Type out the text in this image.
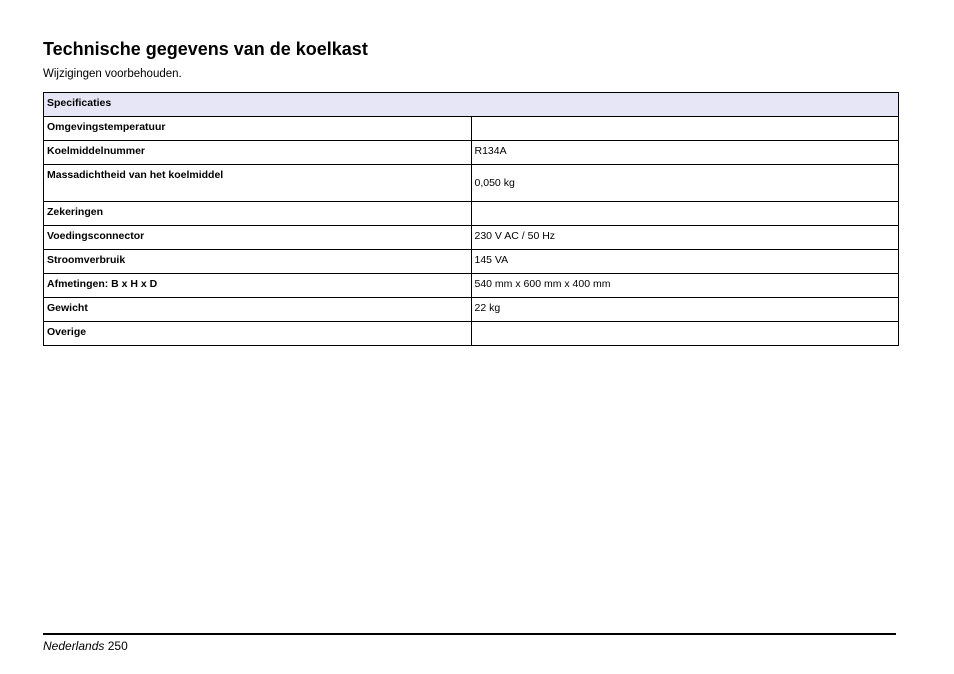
Technische gegevens van de koelkast

Wijzigingen voorbehouden.

Specificaties	
Omgevingstemperatuur	
Koelmiddelnummer	R134A
Massadichtheid van het koelmiddel	0,050 kg
Zekeringen	
Voedingsconnector	230 V AC / 50 Hz
Stroomverbruik	145 VA
Afmetingen: B x H x D	540 mm x 600 mm x 400 mm
Gewicht	22 kg
Overige	
Nederlands 250
